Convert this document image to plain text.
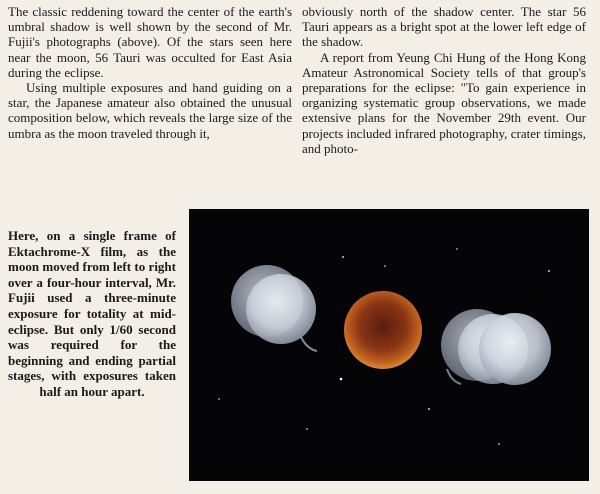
The classic reddening toward the center of the earth's umbral shadow is well shown by the second of Mr. Fujii's photographs (above). Of the stars seen here near the moon, 56 Tauri was occulted for East Asia during the eclipse.

Using multiple exposures and hand guiding on a star, the Japanese amateur also obtained the unusual composition below, which reveals the large size of the umbra as the moon traveled through it,

obviously north of the shadow center. The star 56 Tauri appears as a bright spot at the lower left edge of the shadow.

A report from Yeung Chi Hung of the Hong Kong Amateur Astronomical Society tells of that group's preparations for the eclipse: "To gain experience in organizing systematic group observations, we made extensive plans for the November 29th event. Our projects included infrared photography, crater timings, and photo-

Here, on a single frame of Ektachrome-X film, as the moon moved from left to right over a four-hour interval, Mr. Fujii used a three-minute exposure for totality at mid-eclipse. But only 1/60 second was required for the beginning and ending partial stages, with exposures taken half an hour apart.
